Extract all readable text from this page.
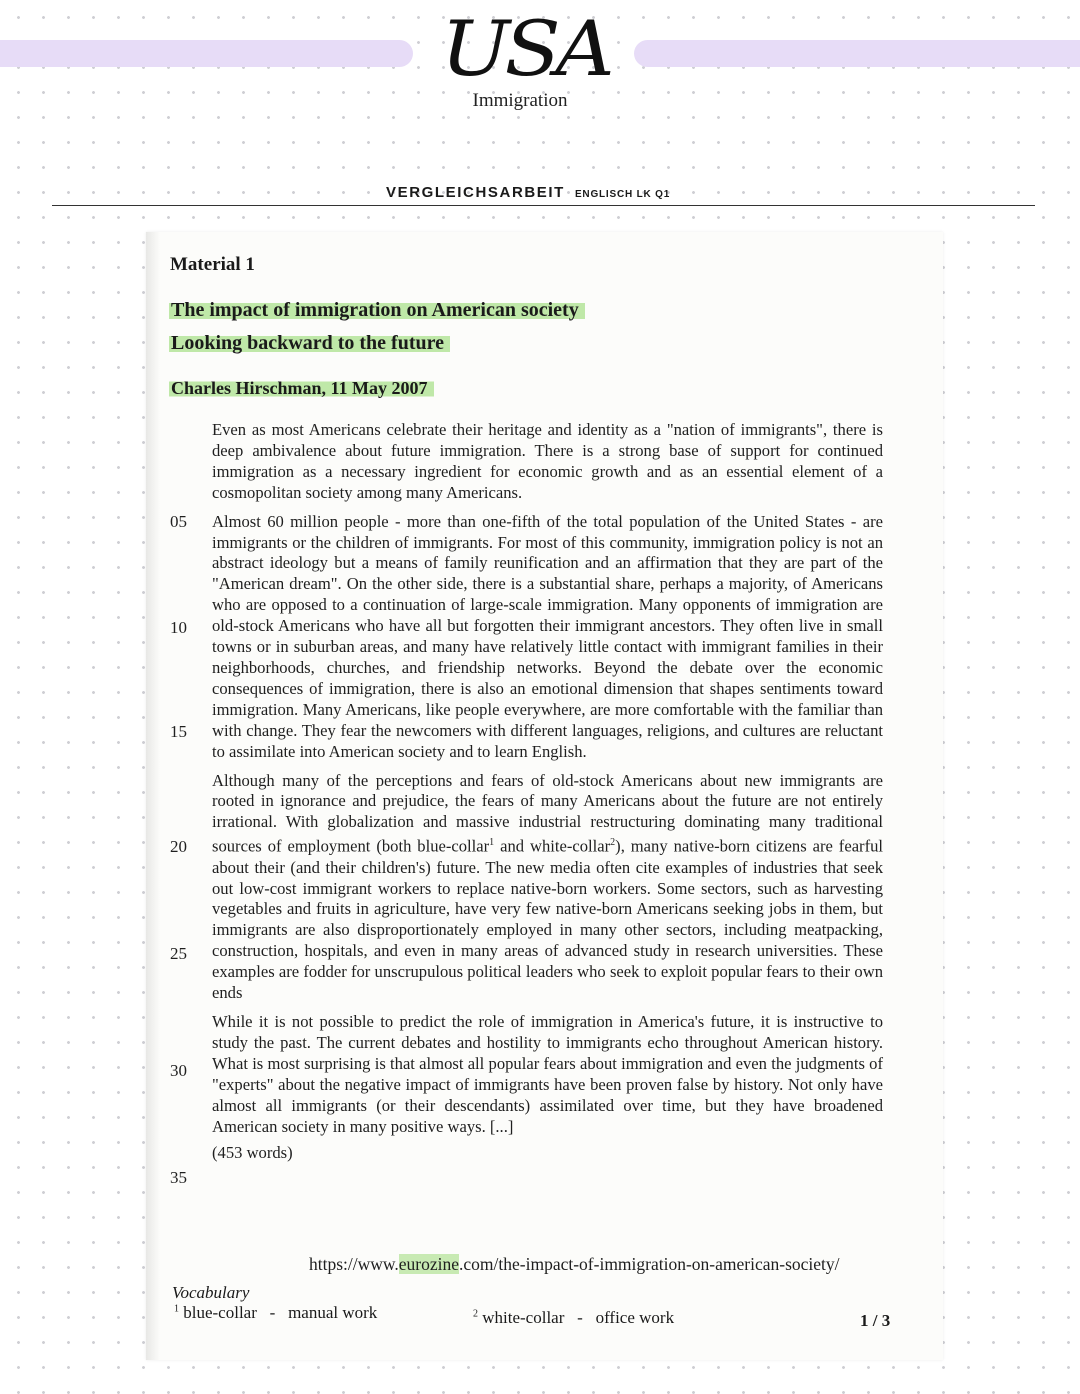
USA
Immigration
VERGLEICHSARBEIT ENGLISCH LK Q1
Material 1
The impact of immigration on American society
Looking backward to the future
Charles Hirschman, 11 May 2007

Even as most Americans celebrate their heritage and identity as a "nation of immigrants", there is deep ambivalence about future immigration. There is a strong base of support for continued immigration as a necessary ingredient for economic growth and as an essential element of a cosmopolitan society among many Americans.

Almost 60 million people - more than one-fifth of the total population of the United States - are immigrants or the children of immigrants. For most of this community, immigration policy is not an abstract ideology but a means of family reunification and an affirmation that they are part of the "American dream". On the other side, there is a substantial share, perhaps a majority, of Americans who are opposed to a continuation of large-scale immigration. Many opponents of immigration are old-stock Americans who have all but forgotten their immigrant ancestors. They often live in small towns or in suburban areas, and many have relatively little contact with immigrant families in their neighborhoods, churches, and friendship networks. Beyond the debate over the economic consequences of immigration, there is also an emotional dimension that shapes sentiments toward immigration. Many Americans, like people everywhere, are more comfortable with the familiar than with change. They fear the newcomers with different languages, religions, and cultures are reluctant to assimilate into American society and to learn English.

Although many of the perceptions and fears of old-stock Americans about new immigrants are rooted in ignorance and prejudice, the fears of many Americans about the future are not entirely irrational. With globalization and massive industrial restructuring dominating many traditional sources of employment (both blue-collar$^1$ and white-collar$^2$), many native-born citizens are fearful about their (and their children's) future. The new media often cite examples of industries that seek out low-cost immigrant workers to replace native-born workers. Some sectors, such as harvesting vegetables and fruits in agriculture, have very few native-born Americans seeking jobs in them, but immigrants are also disproportionately employed in many other sectors, including meatpacking, construction, hospitals, and even in many areas of advanced study in research universities. These examples are fodder for unscrupulous political leaders who seek to exploit popular fears to their own ends

While it is not possible to predict the role of immigration in America's future, it is instructive to study the past. The current debates and hostility to immigrants echo throughout American history. What is most surprising is that almost all popular fears about immigration and even the judgments of "experts" about the negative impact of immigrants have been proven false by history. Not only have almost all immigrants (or their descendants) assimilated over time, but they have broadened American society in many positive ways. [...]

(453 words)

05
10
15
20
25
30
35
https://www.eurozine.com/the-impact-of-immigration-on-american-society/
Vocabulary
$^1$ blue-collar - manual work	$^2$ white-collar - office work	1 / 3
